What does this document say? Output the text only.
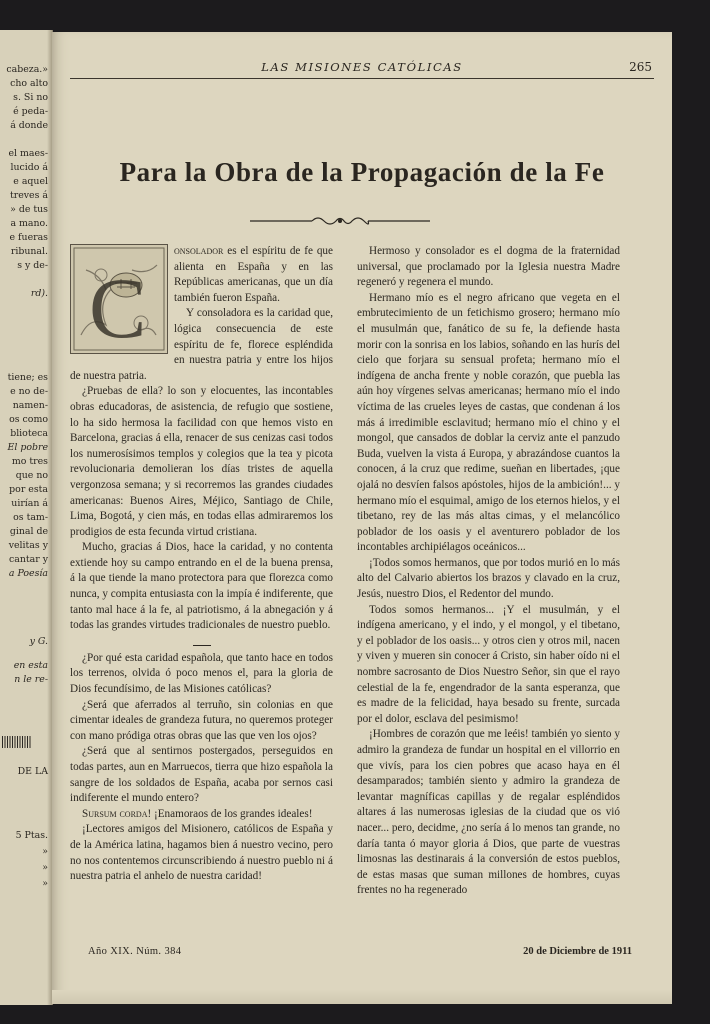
cabeza.»
cho alto
s. Si no
é peda-
á donde
el maes-
lucido á
e aquel
treves á
» de tus
a mano.
e fueras
ribunal.
s y de-
rd).
tiene; es
e no de-
namen-
os como
blioteca
El pobre
mo tres
que no
por esta
uirían á
os tam-
ginal de
velitas y
cantar y
a Poesía
y G.
en esta
n le re-
DE LA
5 Ptas.
»
»
»
LAS MISIONES CATÓLICAS	265
Para la Obra de la Propagación de la Fe
C

onsolador es el espíritu de fe que alienta en España y en las Repúblicas americanas, que un día también fueron España.

Y consoladora es la caridad que, lógica consecuencia de este espíritu de fe, florece espléndida en nuestra patria y entre los hijos de nuestra patria.

¿Pruebas de ella? lo son y elocuentes, las incontables obras educadoras, de asistencia, de refugio que sostiene, lo ha sido hermosa la facilidad con que hemos visto en Barcelona, gracias á ella, renacer de sus cenizas casi todos los numerosísimos templos y colegios que la tea y picota revolucionaria demolieran los días tristes de aquella vergonzosa semana; y si recorremos las grandes ciudades americanas: Buenos Aires, Méjico, Santiago de Chile, Lima, Bogotá, y cien más, en todas ellas admiraremos los prodigios de esta fecunda virtud cristiana.

Mucho, gracias á Dios, hace la caridad, y no contenta extiende hoy su campo entrando en el de la buena prensa, á la que tiende la mano protectora para que florezca como nunca, y compita entusiasta con la impía é indiferente, que tanto mal hace á la fe, al patriotismo, á la abnegación y á todas las grandes virtudes tradicionales de nuestro pueblo.

¿Por qué esta caridad española, que tanto hace en todos los terrenos, olvida ó poco menos el, para la gloria de Dios fecundísimo, de las Misiones católicas?

¿Será que aferrados al terruño, sin colonias en que cimentar ideales de grandeza futura, no queremos proteger con mano pródiga otras obras que las que ven los ojos?

¿Será que al sentirnos postergados, perseguidos en todas partes, aun en Marruecos, tierra que hizo española la sangre de los soldados de España, acaba por sernos casi indiferente el mundo entero?

Sursum corda! ¡Enamoraos de los grandes ideales!

¡Lectores amigos del Misionero, católicos de España y de la América latina, hagamos bien á nuestro vecino, pero no nos contentemos circunscribiendo á nuestro pueblo ni á nuestra patria el anhelo de nuestra caridad!

Hermoso y consolador es el dogma de la fraternidad universal, que proclamado por la Iglesia nuestra Madre regeneró y regenera el mundo.

Hermano mío es el negro africano que vegeta en el embrutecimiento de un fetichismo grosero; hermano mío el musulmán que, fanático de su fe, la defiende hasta morir con la sonrisa en los labios, soñando en las hurís del cielo que forjara su sensual profeta; hermano mío el indígena de ancha frente y noble corazón, que puebla las aún hoy vírgenes selvas americanas; hermano mío el indo víctima de las crueles leyes de castas, que condenan á los más á irredimible esclavitud; hermano mío el chino y el mongol, que cansados de doblar la cerviz ante el panzudo Buda, vuelven la vista á Europa, y abrazándose cuantos la conocen, á la cruz que redime, sueñan en libertades, ¡que ojalá no desvíen falsos apóstoles, hijos de la ambición!... y hermano mío el esquimal, amigo de los eternos hielos, y el tibetano, rey de las más altas cimas, y el melancólico poblador de los oasis y el aventurero poblador de los incontables archipiélagos oceánicos...

¡Todos somos hermanos, que por todos murió en lo más alto del Calvario abiertos los brazos y clavado en la cruz, Jesús, nuestro Dios, el Redentor del mundo.

Todos somos hermanos... ¡Y el musulmán, y el indígena americano, y el indo, y el mongol, y el tibetano, y el poblador de los oasis... y otros cien y otros mil, nacen y viven y mueren sin conocer á Cristo, sin haber oído ni el nombre sacrosanto de Dios Nuestro Señor, sin que el rayo celestial de la fe, engendrador de la santa esperanza, que es madre de la felicidad, haya besado su frente, surcada por el dolor, esclava del pesimismo!

¡Hombres de corazón que me leéis! también yo siento y admiro la grandeza de fundar un hospital en el villorrio en que vivís, para los cien pobres que acaso haya en él desamparados; también siento y admiro la grandeza de levantar magníficas capillas y de regalar espléndidos altares á las numerosas iglesias de la ciudad que os vió nacer... pero, decidme, ¿no sería á lo menos tan grande, no daría tanta ó mayor gloria á Dios, que parte de vuestras limosnas las destinarais á la conversión de estos pueblos, de estas masas que suman millones de hombres, cuyas frentes no ha regenerado

Año XIX. Núm. 384	20 de Diciembre de 1911
